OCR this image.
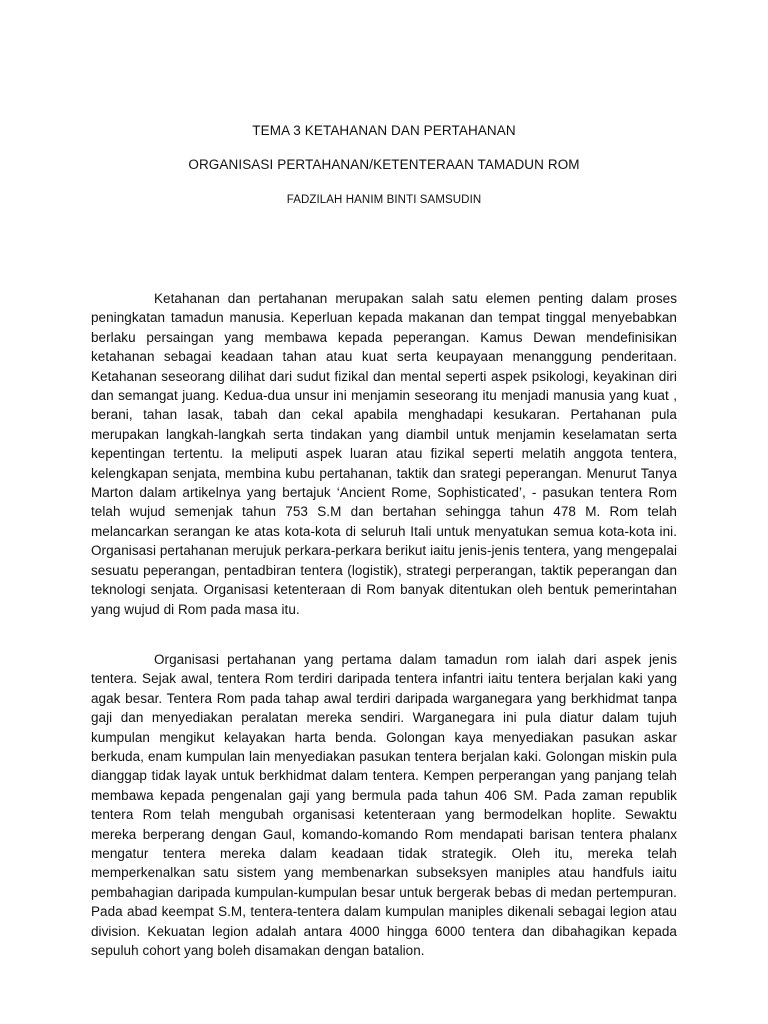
TEMA 3 KETAHANAN DAN PERTAHANAN
ORGANISASI PERTAHANAN/KETENTERAAN TAMADUN ROM
FADZILAH HANIM BINTI SAMSUDIN

Ketahanan dan pertahanan merupakan salah satu elemen penting dalam proses peningkatan tamadun manusia. Keperluan kepada makanan dan tempat tinggal menyebabkan berlaku persaingan yang membawa kepada peperangan. Kamus Dewan mendefinisikan ketahanan sebagai keadaan tahan atau kuat serta keupayaan menanggung penderitaan. Ketahanan seseorang dilihat dari sudut fizikal dan mental seperti aspek psikologi, keyakinan diri dan semangat juang. Kedua-dua unsur ini menjamin seseorang itu menjadi manusia yang kuat , berani, tahan lasak, tabah dan cekal apabila menghadapi kesukaran. Pertahanan pula merupakan langkah-langkah serta tindakan yang diambil untuk menjamin keselamatan serta kepentingan tertentu. Ia meliputi aspek luaran atau fizikal seperti melatih anggota tentera, kelengkapan senjata, membina kubu pertahanan, taktik dan srategi peperangan. Menurut Tanya Marton dalam artikelnya yang bertajuk ‘Ancient Rome, Sophisticated’, - pasukan tentera Rom telah wujud semenjak tahun 753 S.M dan bertahan sehingga tahun 478 M. Rom telah melancarkan serangan ke atas kota-kota di seluruh Itali untuk menyatukan semua kota-kota ini. Organisasi pertahanan merujuk perkara-perkara berikut iaitu jenis-jenis tentera, yang mengepalai sesuatu peperangan, pentadbiran tentera (logistik), strategi perperangan, taktik peperangan dan teknologi senjata. Organisasi ketenteraan di Rom banyak ditentukan oleh bentuk pemerintahan yang wujud di Rom pada masa itu.

Organisasi pertahanan yang pertama dalam tamadun rom ialah dari aspek jenis tentera. Sejak awal, tentera Rom terdiri daripada tentera infantri iaitu tentera berjalan kaki yang agak besar. Tentera Rom pada tahap awal terdiri daripada warganegara yang berkhidmat tanpa gaji dan menyediakan peralatan mereka sendiri. Warganegara ini pula diatur dalam tujuh kumpulan mengikut kelayakan harta benda. Golongan kaya menyediakan pasukan askar berkuda, enam kumpulan lain menyediakan pasukan tentera berjalan kaki. Golongan miskin pula dianggap tidak layak untuk berkhidmat dalam tentera. Kempen perperangan yang panjang telah membawa kepada pengenalan gaji yang bermula pada tahun 406 SM. Pada zaman republik tentera Rom telah mengubah organisasi ketenteraan yang bermodelkan hoplite. Sewaktu mereka berperang dengan Gaul, komando-komando Rom mendapati barisan tentera phalanx mengatur tentera mereka dalam keadaan tidak strategik. Oleh itu, mereka telah memperkenalkan satu sistem yang membenarkan subseksyen maniples atau handfuls iaitu pembahagian daripada kumpulan-kumpulan besar untuk bergerak bebas di medan pertempuran. Pada abad keempat S.M, tentera-tentera dalam kumpulan maniples dikenali sebagai legion atau division. Kekuatan legion adalah antara 4000 hingga 6000 tentera dan dibahagikan kepada sepuluh cohort yang boleh disamakan dengan batalion.
